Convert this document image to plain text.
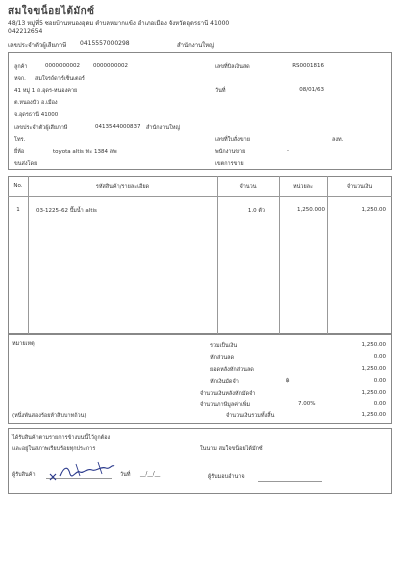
สมใจขน็อยไต้มักซ์
48/13 หมู่ที่5 ซอยบ้านหนองอุดม ตำบลหมากแข้ง อำเภอเมือง จังหวัดอุดรธานี 41000
042212654
เลขประจำตัวผู้เสียภาษี 0415557000298	สำนักงานใหญ่
ลูกค้า	0000000002 0000000002
หจก. สมใจรถ์ดาร์เซ็นเตอร์
41 หมู่ 1 ถ.อุดร-หนองคาย
ต.หนองบัว อ.เมือง
จ.อุดรธานี 41000
เลขประจำตัวผู้เสียภาษี	0413544000837 สำนักงานใหญ่
โทร.
ยี่ห้อ	toyota altis ทะ 1384 ลพ
ขนส่งโดย
เลขที่บิลเงินสด	RS0001816
วันที่	08/01/63
เลขที่ใบสั่งขาย	ลงท.
พนักงานขาย	-
เขตการขาย
No.	รหัสสินค้า/รายละเอียด	จำนวน	หน่วยละ	จำนวนเงิน
1	03-1225-62 ปั๊มน้ำ altis	1.0 ตัว	1,250.000	1,250.00
หมายเหตุ
(หนึ่งพันสองร้อยห้าสิบบาทถ้วน)
รวมเป็นเงิน	1,250.00
หักส่วนลด	0.00
ยอดหลังหักส่วนลด	1,250.00
หักเงินมัดจำ	฿	0.00
จำนวนเงินหลังหักมัดจำ	1,250.00
จำนวนภาษีมูลค่าเพิ่ม	7.00%	0.00
จำนวนเงินรวมทั้งสิ้น	1,250.00
ได้รับสินค้าตามรายการข้างบนนี้ไว้ถูกต้อง
และอยู่ในสภาพเรียบร้อยทุกประการ	ในนาม สมใจขน็อยไต้มักซ์
ผู้รับสินค้า	วันที่ __/__/__	ผู้รับมอบอำนาจ
